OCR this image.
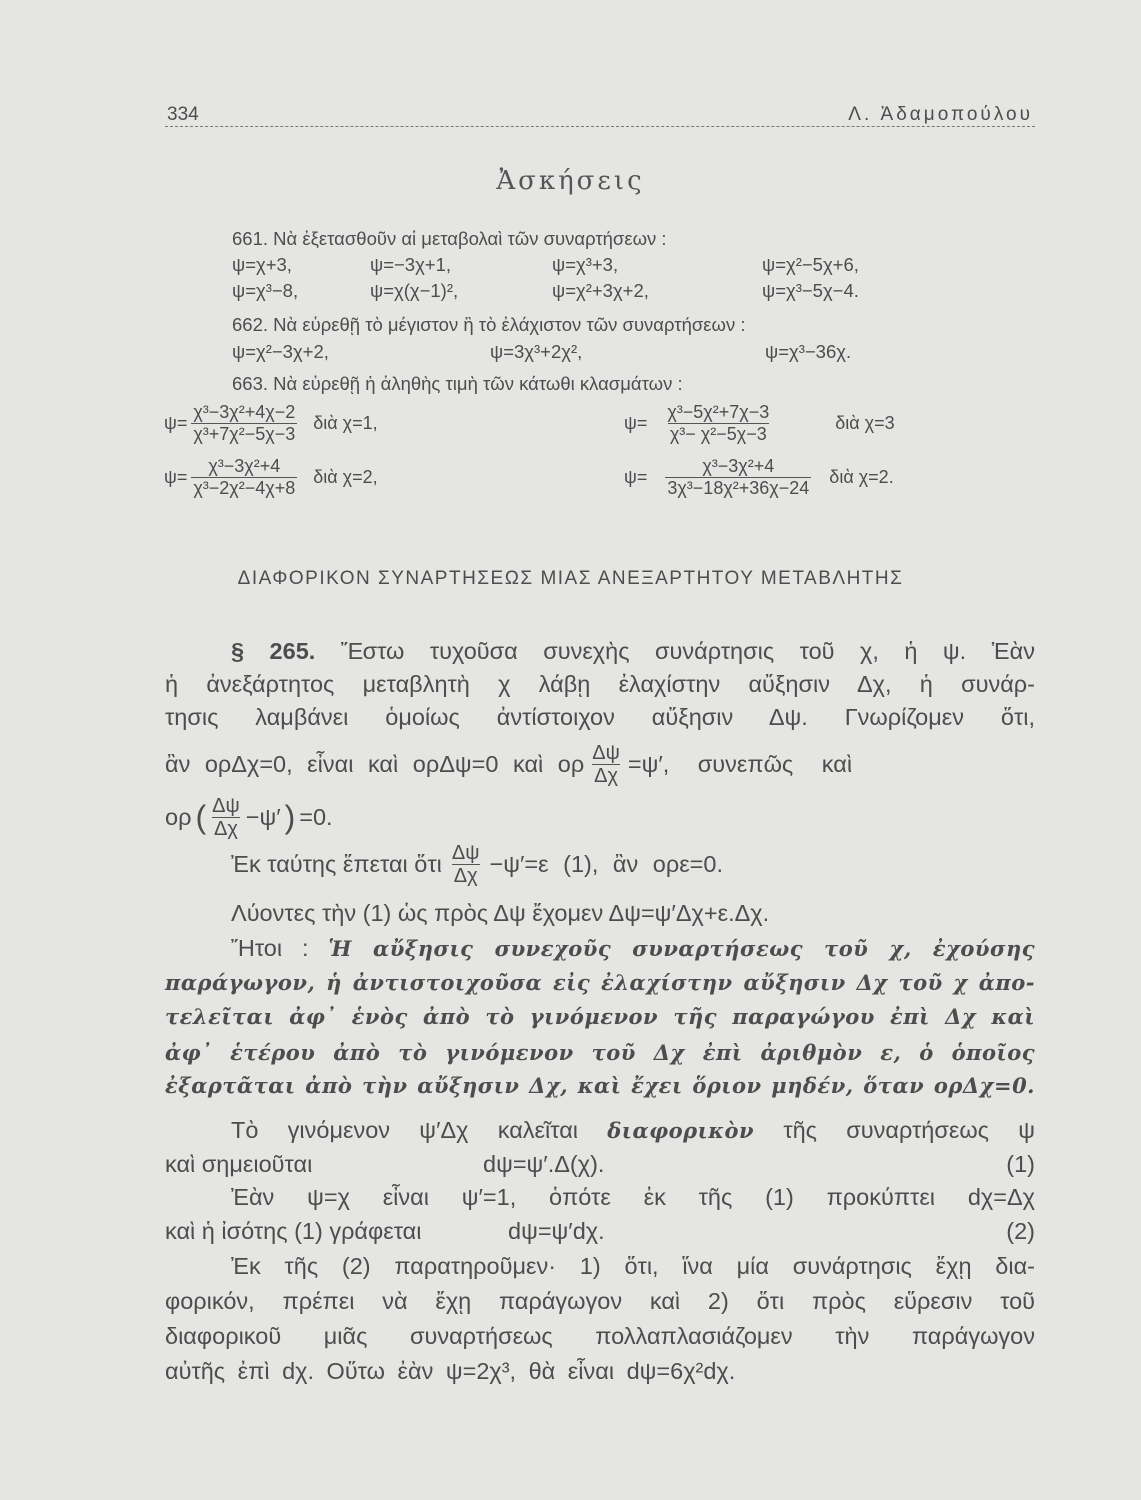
334	Λ. Ἀδαμοπούλου
Ἀσκήσεις
661. Νὰ ἐξετασθοῦν αἱ μεταβολαὶ τῶν συναρτήσεων :
ψ=χ+3,	ψ=−3χ+1,	ψ=χ³+3,	ψ=χ²−5χ+6,
ψ=χ³−8,	ψ=χ(χ−1)²,	ψ=χ²+3χ+2,	ψ=χ³−5χ−4.
662. Νὰ εὑρεθῇ τὸ μέγιστον ἢ τὸ ἐλάχιστον τῶν συναρτήσεων :
ψ=χ²−3χ+2,	ψ=3χ³+2χ²,	ψ=χ³−36χ.
663. Νὰ εὑρεθῇ ἡ ἀληθὴς τιμὴ τῶν κάτωθι κλασμάτων :
$\psi= \frac{\text{χ³−3χ²+4χ−2}}{\text{χ³+7χ²−5χ−3}}$ διὰ χ=1,	$\psi= \frac{\text{χ³−5χ²+7χ−3}}{\text{χ³− χ²−5χ−3}}$	διὰ χ=3
$\psi= \frac{\text{χ³−3χ²+4}}{\text{χ³−2χ²−4χ+8}}$ διὰ χ=2,	$\psi= \frac{\text{χ³−3χ²+4}}{\text{3χ³−18χ²+36χ−24}}$ διὰ χ=2.
ΔΙΑΦΟΡΙΚΟΝ ΣΥΝΑΡΤΗΣΕΩΣ ΜΙΑΣ ΑΝΕΞΑΡΤΗΤΟΥ ΜΕΤΑΒΛΗΤΗΣ
§ 265. Ἔστω τυχοῦσα συνεχὴς συνάρτησις τοῦ χ, ἡ ψ. Ἐὰν
ἡ ἀνεξάρτητος μεταβλητὴ χ λάβῃ ἐλαχίστην αὔξησιν Δχ, ἡ συνάρ-
τησις λαμβάνει ὁμοίως ἀντίστοιχον αὔξησιν Δψ. Γνωρίζομεν ὅτι,
ἂν ορΔχ=0, εἶναι καὶ ορΔψ=0 καὶ ορ $\frac{\Delta\psi}{\Delta\chi} =\psi'$, συνεπῶς καὶ
ορ ( $\frac{\Delta\psi}{\Delta\chi} -\psi'$ ) =0.
Ἐκ ταύτης ἕπεται ὅτι $\frac{\Delta\psi}{\Delta\chi} -\psi'=\varepsilon$ (1), ἂν ορε=0.
Λύοντες τὴν (1) ὡς πρὸς Δψ ἔχομεν Δψ=ψ′Δχ+ε.Δχ.
Ἤτοι : Ἡ αὔξησις συνεχοῦς συναρτήσεως τοῦ χ, ἐχούσης
παράγωγον, ἡ ἀντιστοιχοῦσα εἰς ἐλαχίστην αὔξησιν Δχ τοῦ χ ἀπο-
τελεῖται ἀφ᾽ ἑνὸς ἀπὸ τὸ γινόμενον τῆς παραγώγου ἐπὶ Δχ καὶ
ἀφ᾽ ἑτέρου ἀπὸ τὸ γινόμενον τοῦ Δχ ἐπὶ ἀριθμὸν ε, ὁ ὁποῖος
ἐξαρτᾶται ἀπὸ τὴν αὔξησιν Δχ, καὶ ἔχει ὅριον μηδέν, ὅταν ορΔχ=0.
Τὸ γινόμενον ψ′Δχ καλεῖται διαφορικὸν τῆς συναρτήσεως ψ
καὶ σημειοῦται	dψ=ψ′.Δ(χ).	(1)
Ἐὰν ψ=χ εἶναι ψ′=1, ὁπότε ἐκ τῆς (1) προκύπτει dχ=Δχ
καὶ ἡ ἰσότης (1) γράφεται	dψ=ψ′dχ.	(2)
Ἐκ τῆς (2) παρατηροῦμεν· 1) ὅτι, ἵνα μία συνάρτησις ἔχῃ δια-
φορικόν, πρέπει νὰ ἔχῃ παράγωγον καὶ 2) ὅτι πρὸς εὕρεσιν τοῦ
διαφορικοῦ μιᾶς συναρτήσεως πολλαπλασιάζομεν τὴν παράγωγον
αὐτῆς ἐπὶ dχ. Οὕτω ἐὰν ψ=2χ³, θὰ εἶναι dψ=6χ²dχ.
